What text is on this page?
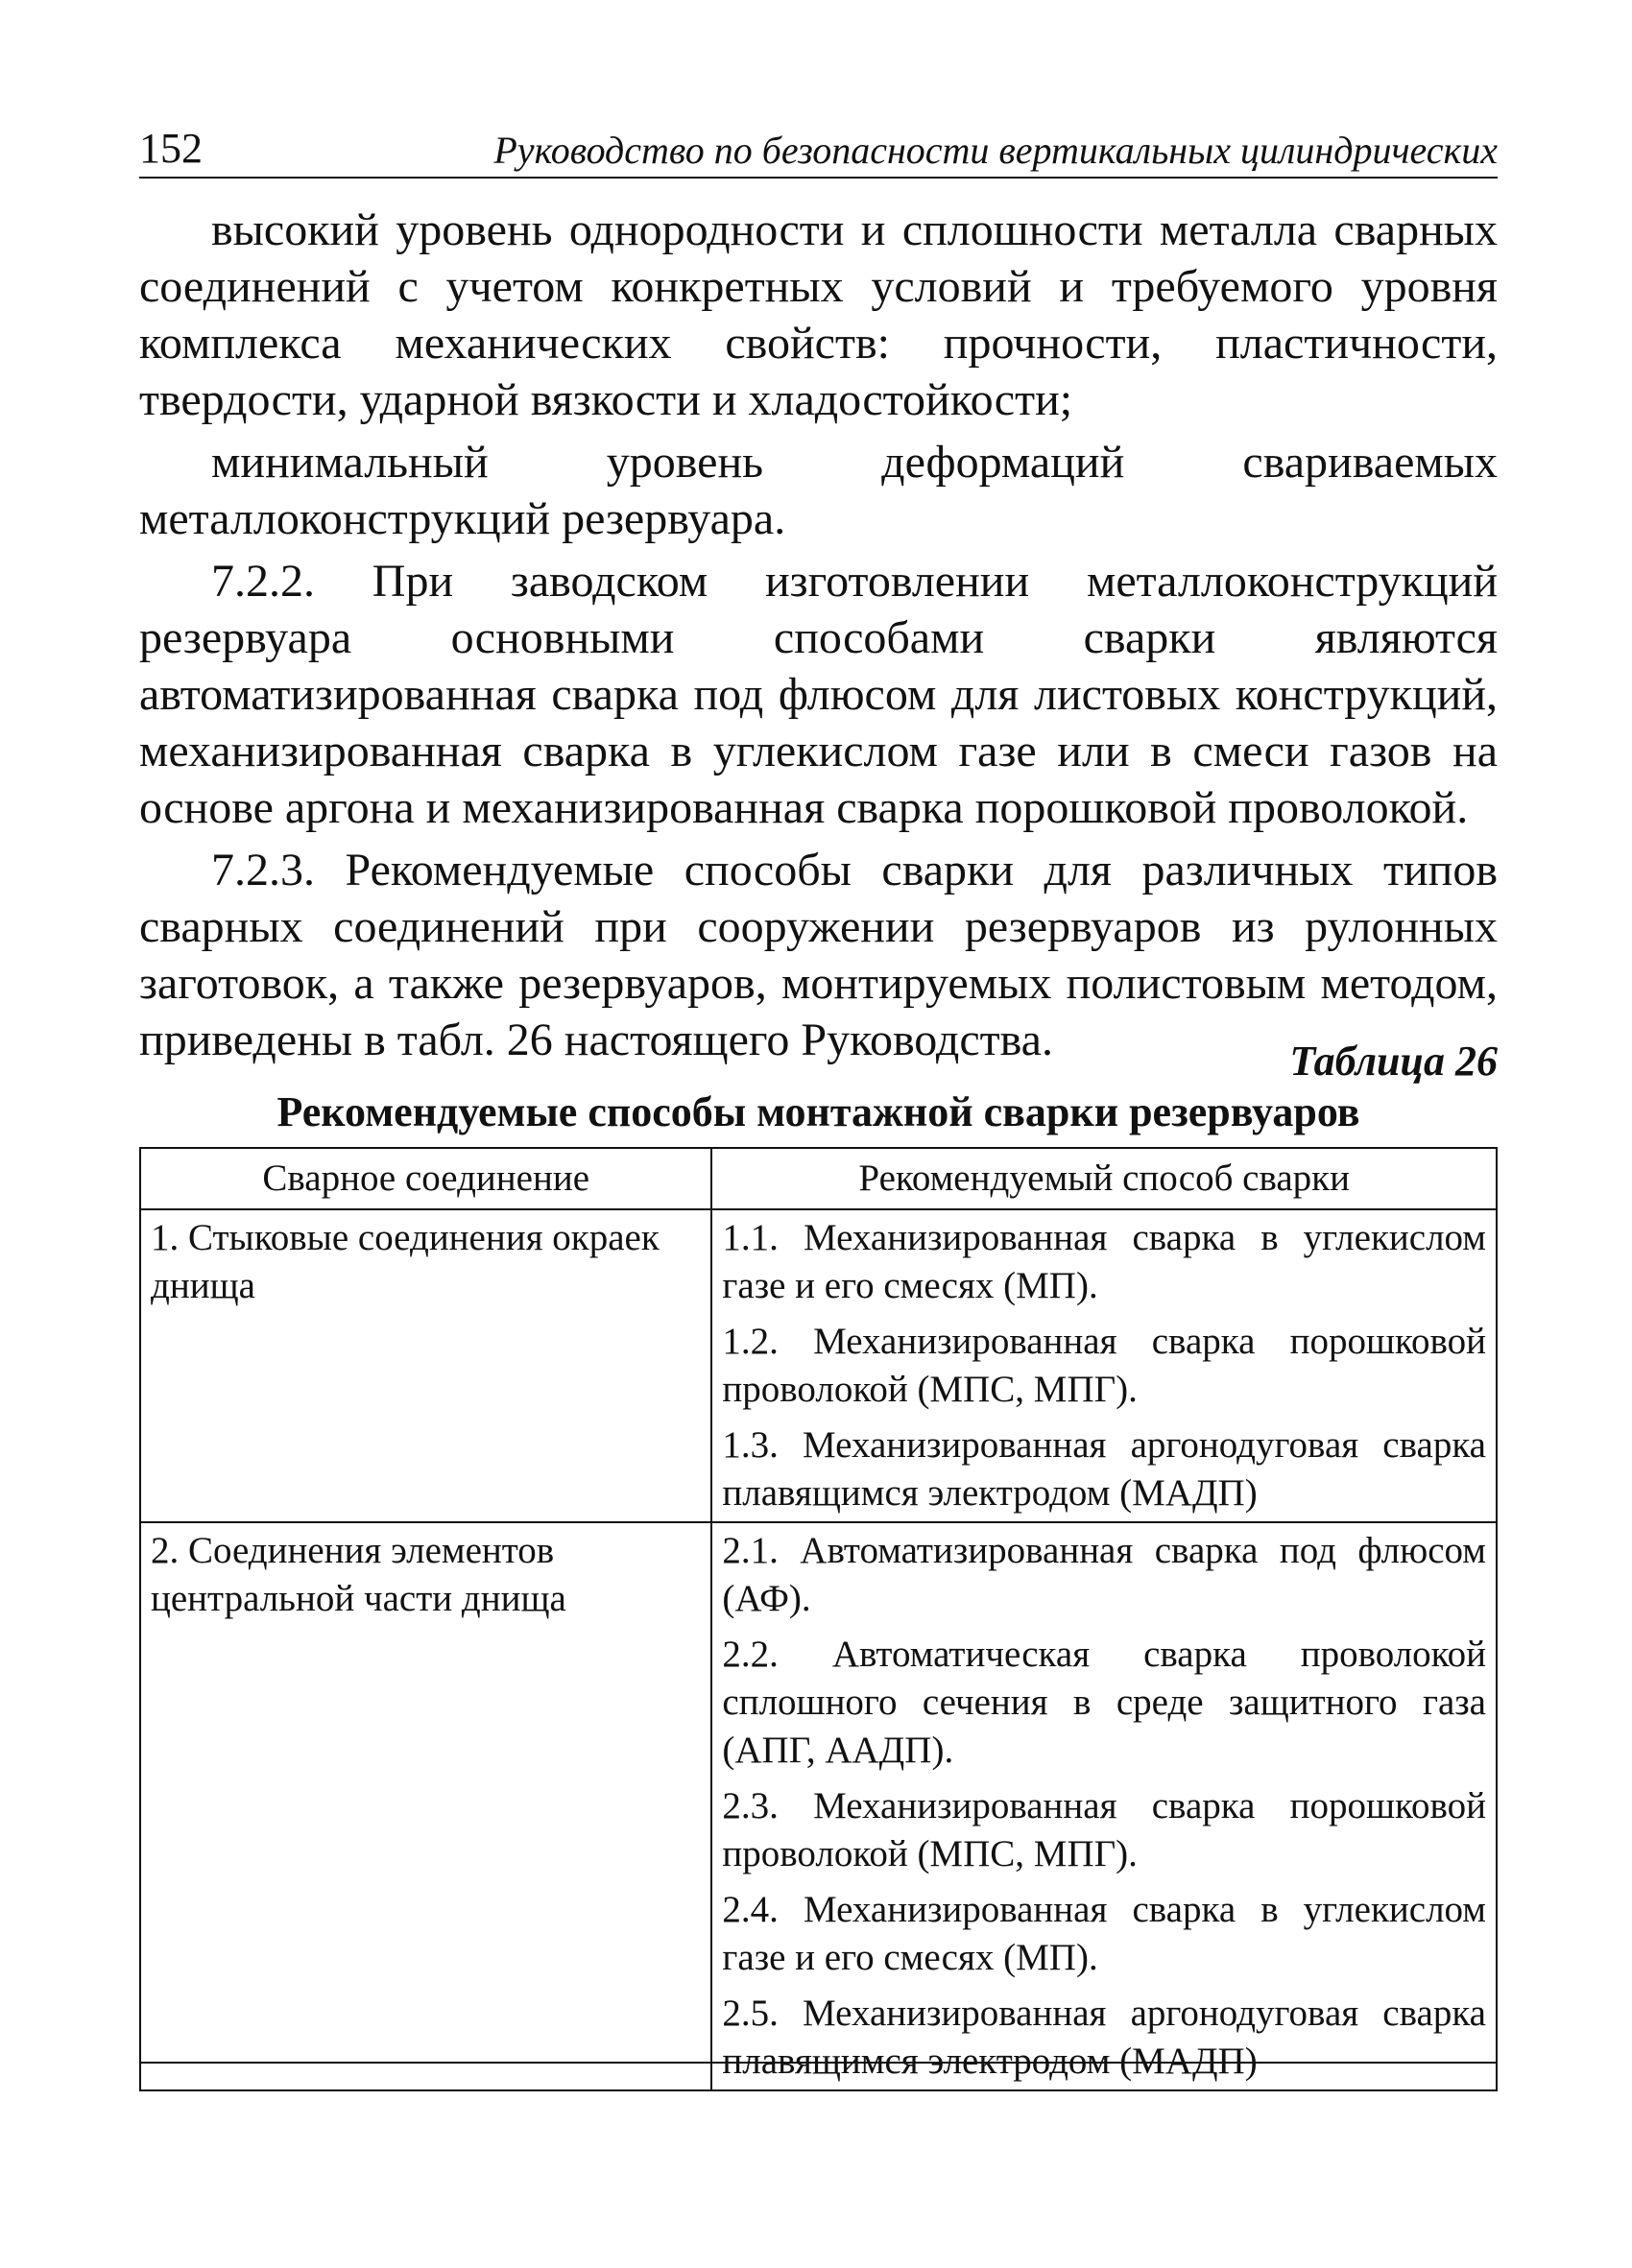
152	Руководство по безопасности вертикальных цилиндрических

высокий уровень однородности и сплошности металла сварных соединений с учетом конкретных условий и требуемого уровня комплекса механических свойств: прочности, пластичности, твердости, ударной вязкости и хладостойкости;

минимальный уровень деформаций свариваемых металлоконструкций резервуара.

7.2.2. При заводском изготовлении металлоконструкций резервуара основными способами сварки являются автоматизированная сварка под флюсом для листовых конструкций, механизированная сварка в углекислом газе или в смеси газов на основе аргона и механизированная сварка порошковой проволокой.

7.2.3. Рекомендуемые способы сварки для различных типов сварных соединений при сооружении резервуаров из рулонных заготовок, а также резервуаров, монтируемых полистовым методом, приведены в табл. 26 настоящего Руководства.	Таблица 26
Рекомендуемые способы монтажной сварки резервуаров
Сварное соединение	Рекомендуемый способ сварки
1. Стыковые соединения окраек днища	1.1. Механизированная сварка в углекислом газе и его смесях (МП).

1.2. Механизированная сварка порошковой проволокой (МПС, МПГ).

1.3. Механизированная аргонодуговая сварка плавящимся электродом (МАДП)

2. Соединения элементов центральной части днища	2.1. Автоматизированная сварка под флюсом (АФ).

2.2. Автоматическая сварка проволокой сплошного сечения в среде защитного газа (АПГ, ААДП).

2.3. Механизированная сварка порошковой проволокой (МПС, МПГ).

2.4. Механизированная сварка в углекислом газе и его смесях (МП).

2.5. Механизированная аргонодуговая сварка плавящимся электродом (МАДП)
